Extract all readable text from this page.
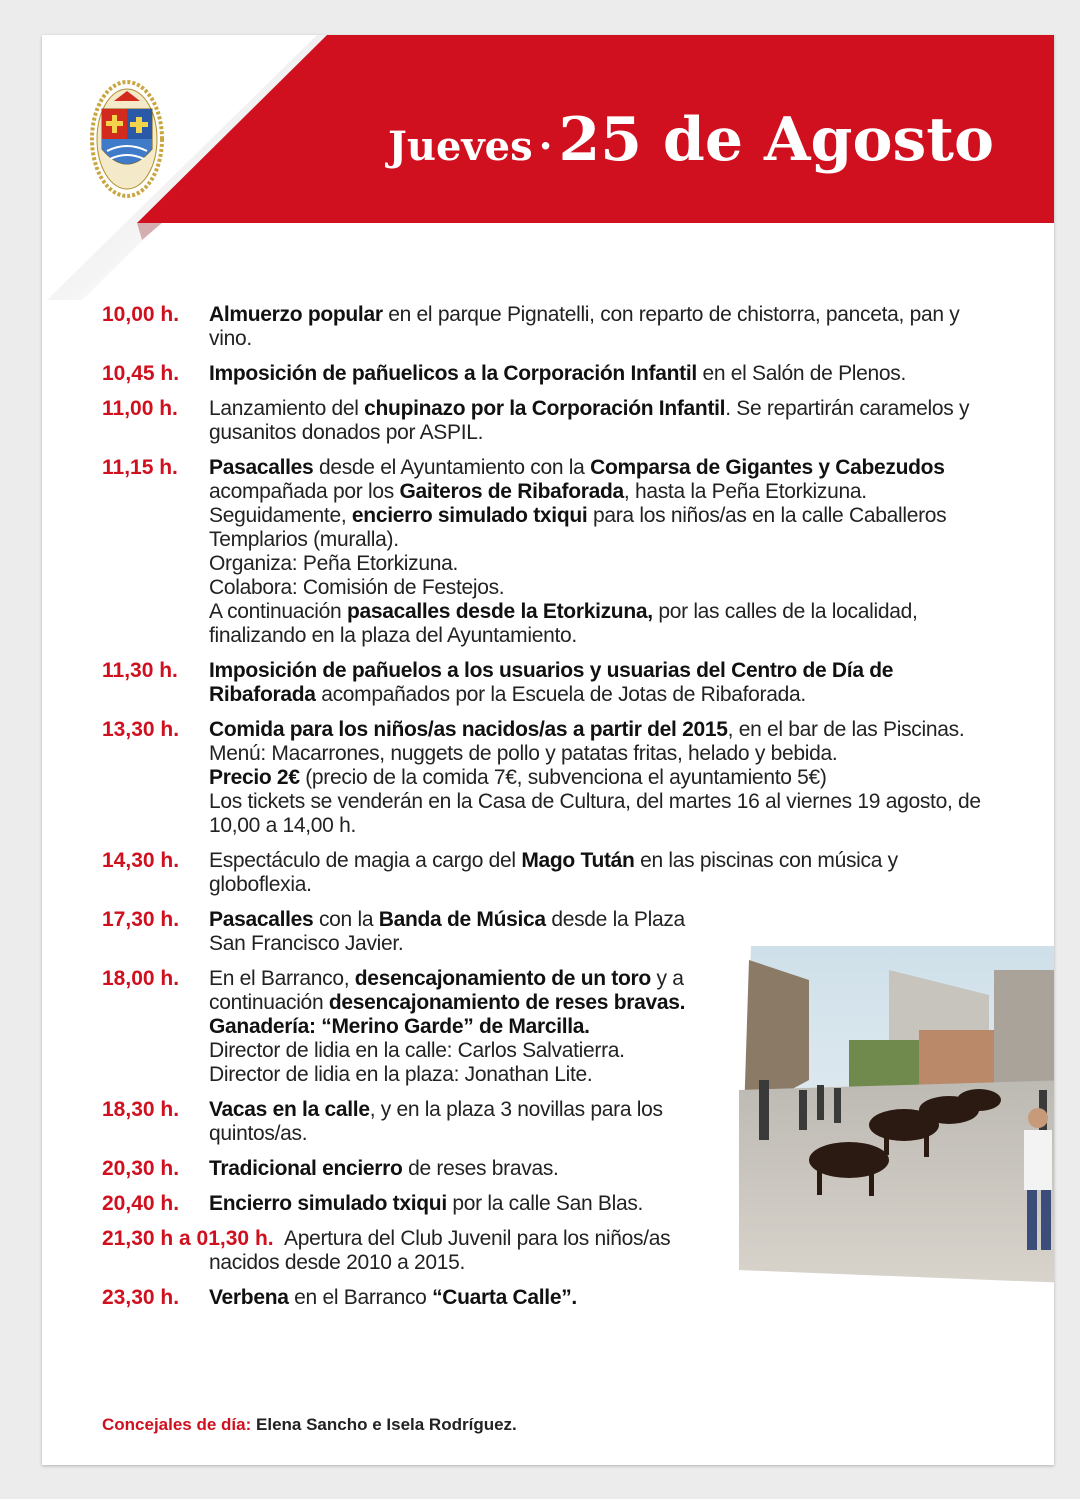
Jueves · 25 de Agosto
10,00 h. Almuerzo popular en el parque Pignatelli, con reparto de chistorra, panceta, pan y vino.
10,45 h. Imposición de pañuelicos a la Corporación Infantil en el Salón de Plenos.
11,00 h. Lanzamiento del chupinazo por la Corporación Infantil. Se repartirán caramelos y gusanitos donados por ASPIL.
11,15 h. Pasacalles desde el Ayuntamiento con la Comparsa de Gigantes y Cabezudos acompañada por los Gaiteros de Ribaforada, hasta la Peña Etorkizuna.
Seguidamente, encierro simulado txiqui para los niños/as en la calle Caballeros Templarios (muralla).
Organiza: Peña Etorkizuna.
Colabora: Comisión de Festejos.
A continuación pasacalles desde la Etorkizuna, por las calles de la localidad, finalizando en la plaza del Ayuntamiento.
11,30 h. Imposición de pañuelos a los usuarios y usuarias del Centro de Día de Ribaforada acompañados por la Escuela de Jotas de Ribaforada.
13,30 h. Comida para los niños/as nacidos/as a partir del 2015, en el bar de las Piscinas.
Menú: Macarrones, nuggets de pollo y patatas fritas, helado y bebida.
Precio 2€ (precio de la comida 7€, subvenciona el ayuntamiento 5€)
Los tickets se venderán en la Casa de Cultura, del martes 16 al viernes 19 agosto, de 10,00 a 14,00 h.
14,30 h. Espectáculo de magia a cargo del Mago Tután en las piscinas con música y globoflexia.
17,30 h. Pasacalles con la Banda de Música desde la Plaza San Francisco Javier.
18,00 h. En el Barranco, desencajonamiento de un toro y a continuación desencajonamiento de reses bravas.
Ganadería: “Merino Garde” de Marcilla.
Director de lidia en la calle: Carlos Salvatierra.
Director de lidia en la plaza: Jonathan Lite.
18,30 h. Vacas en la calle, y en la plaza 3 novillas para los quintos/as.
20,30 h. Tradicional encierro de reses bravas.
20,40 h. Encierro simulado txiqui por la calle San Blas.
21,30 h a 01,30 h. Apertura del Club Juvenil para los niños/as nacidos desde 2010 a 2015.
23,30 h. Verbena en el Barranco “Cuarta Calle”.
Concejales de día: Elena Sancho e Isela Rodríguez.
